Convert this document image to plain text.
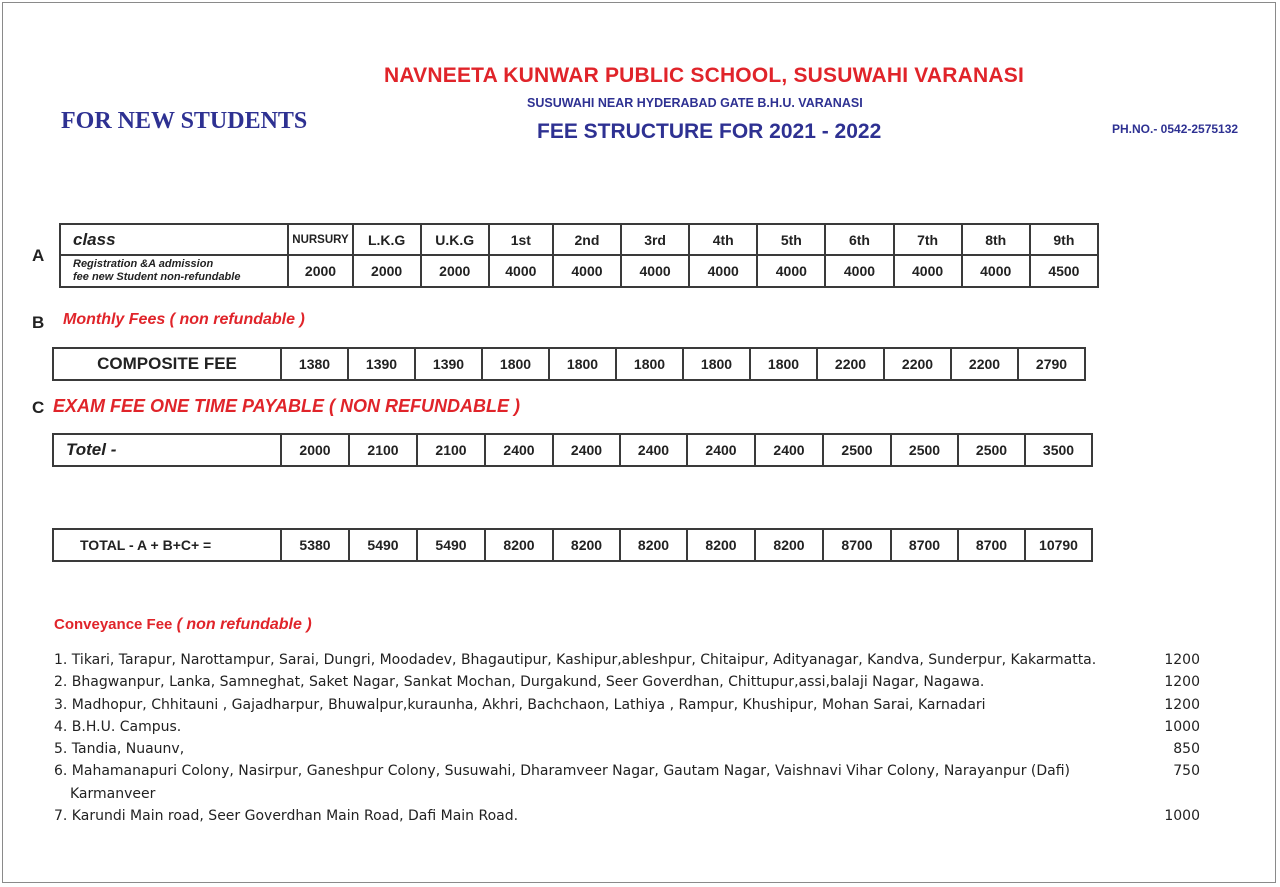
NAVNEETA KUNWAR PUBLIC SCHOOL, SUSUWAHI VARANASI
SUSUWAHI NEAR HYDERABAD GATE B.H.U. VARANASI
FEE STRUCTURE FOR 2021 - 2022
FOR NEW STUDENTS	PH.NO.- 0542-2575132
A
class	NURSURY	L.K.G	U.K.G	1st	2nd	3rd	4th	5th	6th	7th	8th	9th

Registration &A admission
fee new Student non-refundable	2000	2000	2000	4000	4000	4000	4000	4000	4000	4000	4000	4500
B Monthly Fees ( non refundable )
COMPOSITE FEE	1380	1390	1390	1800	1800	1800	1800	1800	2200	2200	2200	2790
C EXAM FEE ONE TIME PAYABLE ( NON REFUNDABLE )
Totel -	2000	2100	2100	2400	2400	2400	2400	2400	2500	2500	2500	3500
TOTAL - A + B+C+ =	5380	5490	5490	8200	8200	8200	8200	8200	8700	8700	8700	10790
Conveyance Fee ( non refundable )
1. Tikari, Tarapur, Narottampur, Sarai, Dungri, Moodadev, Bhagautipur, Kashipur,ableshpur, Chitaipur, Adityanagar, Kandva, Sunderpur, Kakarmatta.	1200
2. Bhagwanpur, Lanka, Samneghat, Saket Nagar, Sankat Mochan, Durgakund, Seer Goverdhan, Chittupur,assi,balaji Nagar, Nagawa.	1200
3. Madhopur, Chhitauni , Gajadharpur, Bhuwalpur,kuraunha, Akhri, Bachchaon, Lathiya , Rampur, Khushipur, Mohan Sarai, Karnadari	1200
4. B.H.U. Campus.	1000
5. Tandia, Nuaunv,	850
6. Mahamanapuri Colony, Nasirpur, Ganeshpur Colony, Susuwahi, Dharamveer Nagar, Gautam Nagar, Vaishnavi Vihar Colony, Narayanpur (Dafi)	750
Karmanveer
7. Karundi Main road, Seer Goverdhan Main Road, Dafi Main Road.	1000
